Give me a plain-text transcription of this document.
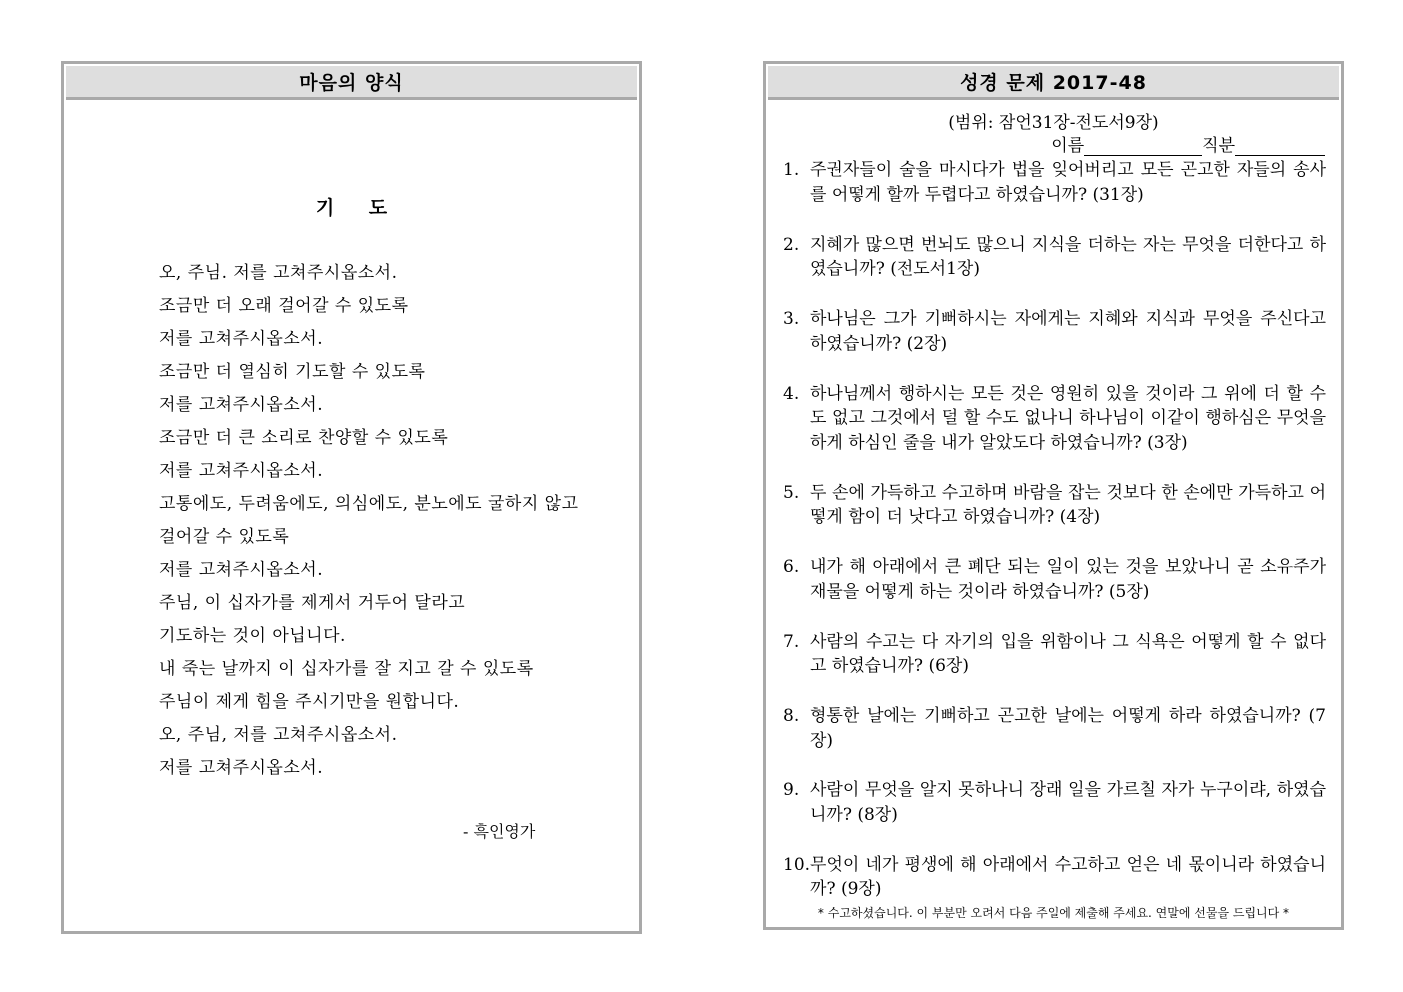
마음의 양식
기 도
오, 주님. 저를 고쳐주시옵소서.
조금만 더 오래 걸어갈 수 있도록
저를 고쳐주시옵소서.
조금만 더 열심히 기도할 수 있도록
저를 고쳐주시옵소서.
조금만 더 큰 소리로 찬양할 수 있도록
저를 고쳐주시옵소서.
고통에도, 두려움에도, 의심에도, 분노에도 굴하지 않고
걸어갈 수 있도록
저를 고쳐주시옵소서.
주님, 이 십자가를 제게서 거두어 달라고
기도하는 것이 아닙니다.
내 죽는 날까지 이 십자가를 잘 지고 갈 수 있도록
주님이 제게 힘을 주시기만을 원합니다.
오, 주님, 저를 고쳐주시옵소서.
저를 고쳐주시옵소서.
- 흑인영가
성경 문제 2017-48
(범위: 잠언31장-전도서9장)
이름	직분
1. 주권자들이 술을 마시다가 법을 잊어버리고 모든 곤고한 자들의 송사를 어떻게 할까 두렵다고 하였습니까? (31장)
2. 지혜가 많으면 번뇌도 많으니 지식을 더하는 자는 무엇을 더한다고 하였습니까? (전도서1장)
3. 하나님은 그가 기뻐하시는 자에게는 지혜와 지식과 무엇을 주신다고 하였습니까? (2장)
4. 하나님께서 행하시는 모든 것은 영원히 있을 것이라 그 위에 더 할 수도 없고 그것에서 덜 할 수도 없나니 하나님이 이같이 행하심은 무엇을 하게 하심인 줄을 내가 알았도다 하였습니까? (3장)
5. 두 손에 가득하고 수고하며 바람을 잡는 것보다 한 손에만 가득하고 어떻게 함이 더 낫다고 하였습니까? (4장)
6. 내가 해 아래에서 큰 폐단 되는 일이 있는 것을 보았나니 곧 소유주가 재물을 어떻게 하는 것이라 하였습니까? (5장)
7. 사람의 수고는 다 자기의 입을 위함이나 그 식욕은 어떻게 할 수 없다고 하였습니까? (6장)
8. 형통한 날에는 기뻐하고 곤고한 날에는 어떻게 하라 하였습니까? (7장)
9. 사람이 무엇을 알지 못하나니 장래 일을 가르칠 자가 누구이랴, 하였습니까? (8장)
10. 무엇이 네가 평생에 해 아래에서 수고하고 얻은 네 몫이니라 하였습니까? (9장)
* 수고하셨습니다. 이 부분만 오려서 다음 주일에 제출해 주세요. 연말에 선물을 드립니다 *
